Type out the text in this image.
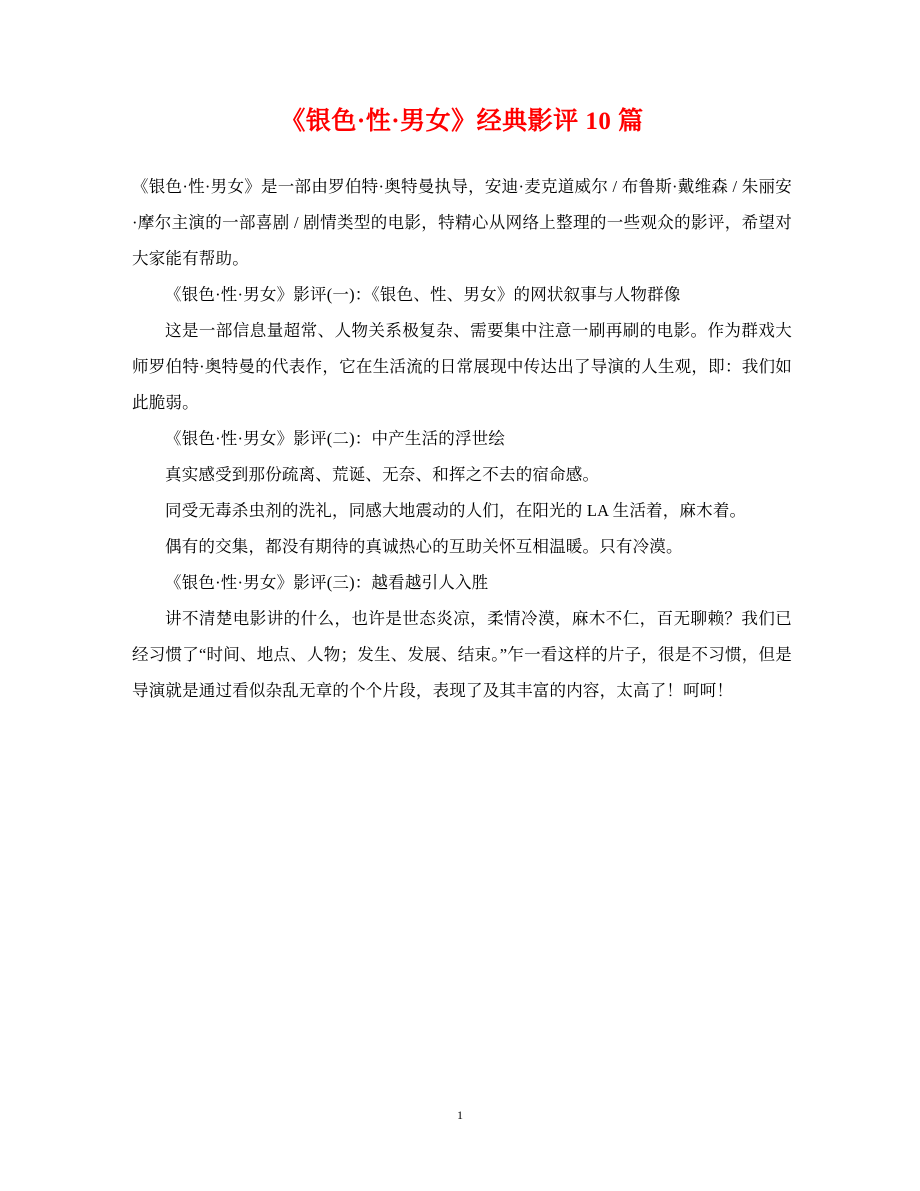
《银色·性·男女》经典影评 10 篇

《银色·性·男女》是一部由罗伯特·奥特曼执导，安迪·麦克道威尔 / 布鲁斯·戴维森 / 朱丽安·摩尔主演的一部喜剧 / 剧情类型的电影，特精心从网络上整理的一些观众的影评，希望对大家能有帮助。

《银色·性·男女》影评(一)：《银色、性、男女》的网状叙事与人物群像

这是一部信息量超常、人物关系极复杂、需要集中注意一刷再刷的电影。作为群戏大师罗伯特·奥特曼的代表作，它在生活流的日常展现中传达出了导演的人生观，即：我们如此脆弱。

《银色·性·男女》影评(二)：中产生活的浮世绘

真实感受到那份疏离、荒诞、无奈、和挥之不去的宿命感。

同受无毒杀虫剂的洗礼，同感大地震动的人们，在阳光的 LA 生活着，麻木着。

偶有的交集，都没有期待的真诚热心的互助关怀互相温暖。只有冷漠。

《银色·性·男女》影评(三)：越看越引人入胜

讲不清楚电影讲的什么，也许是世态炎凉，柔情冷漠，麻木不仁，百无聊赖？我们已经习惯了“时间、地点、人物；发生、发展、结束。”乍一看这样的片子，很是不习惯，但是导演就是通过看似杂乱无章的个个片段，表现了及其丰富的内容，太高了！呵呵！

1
